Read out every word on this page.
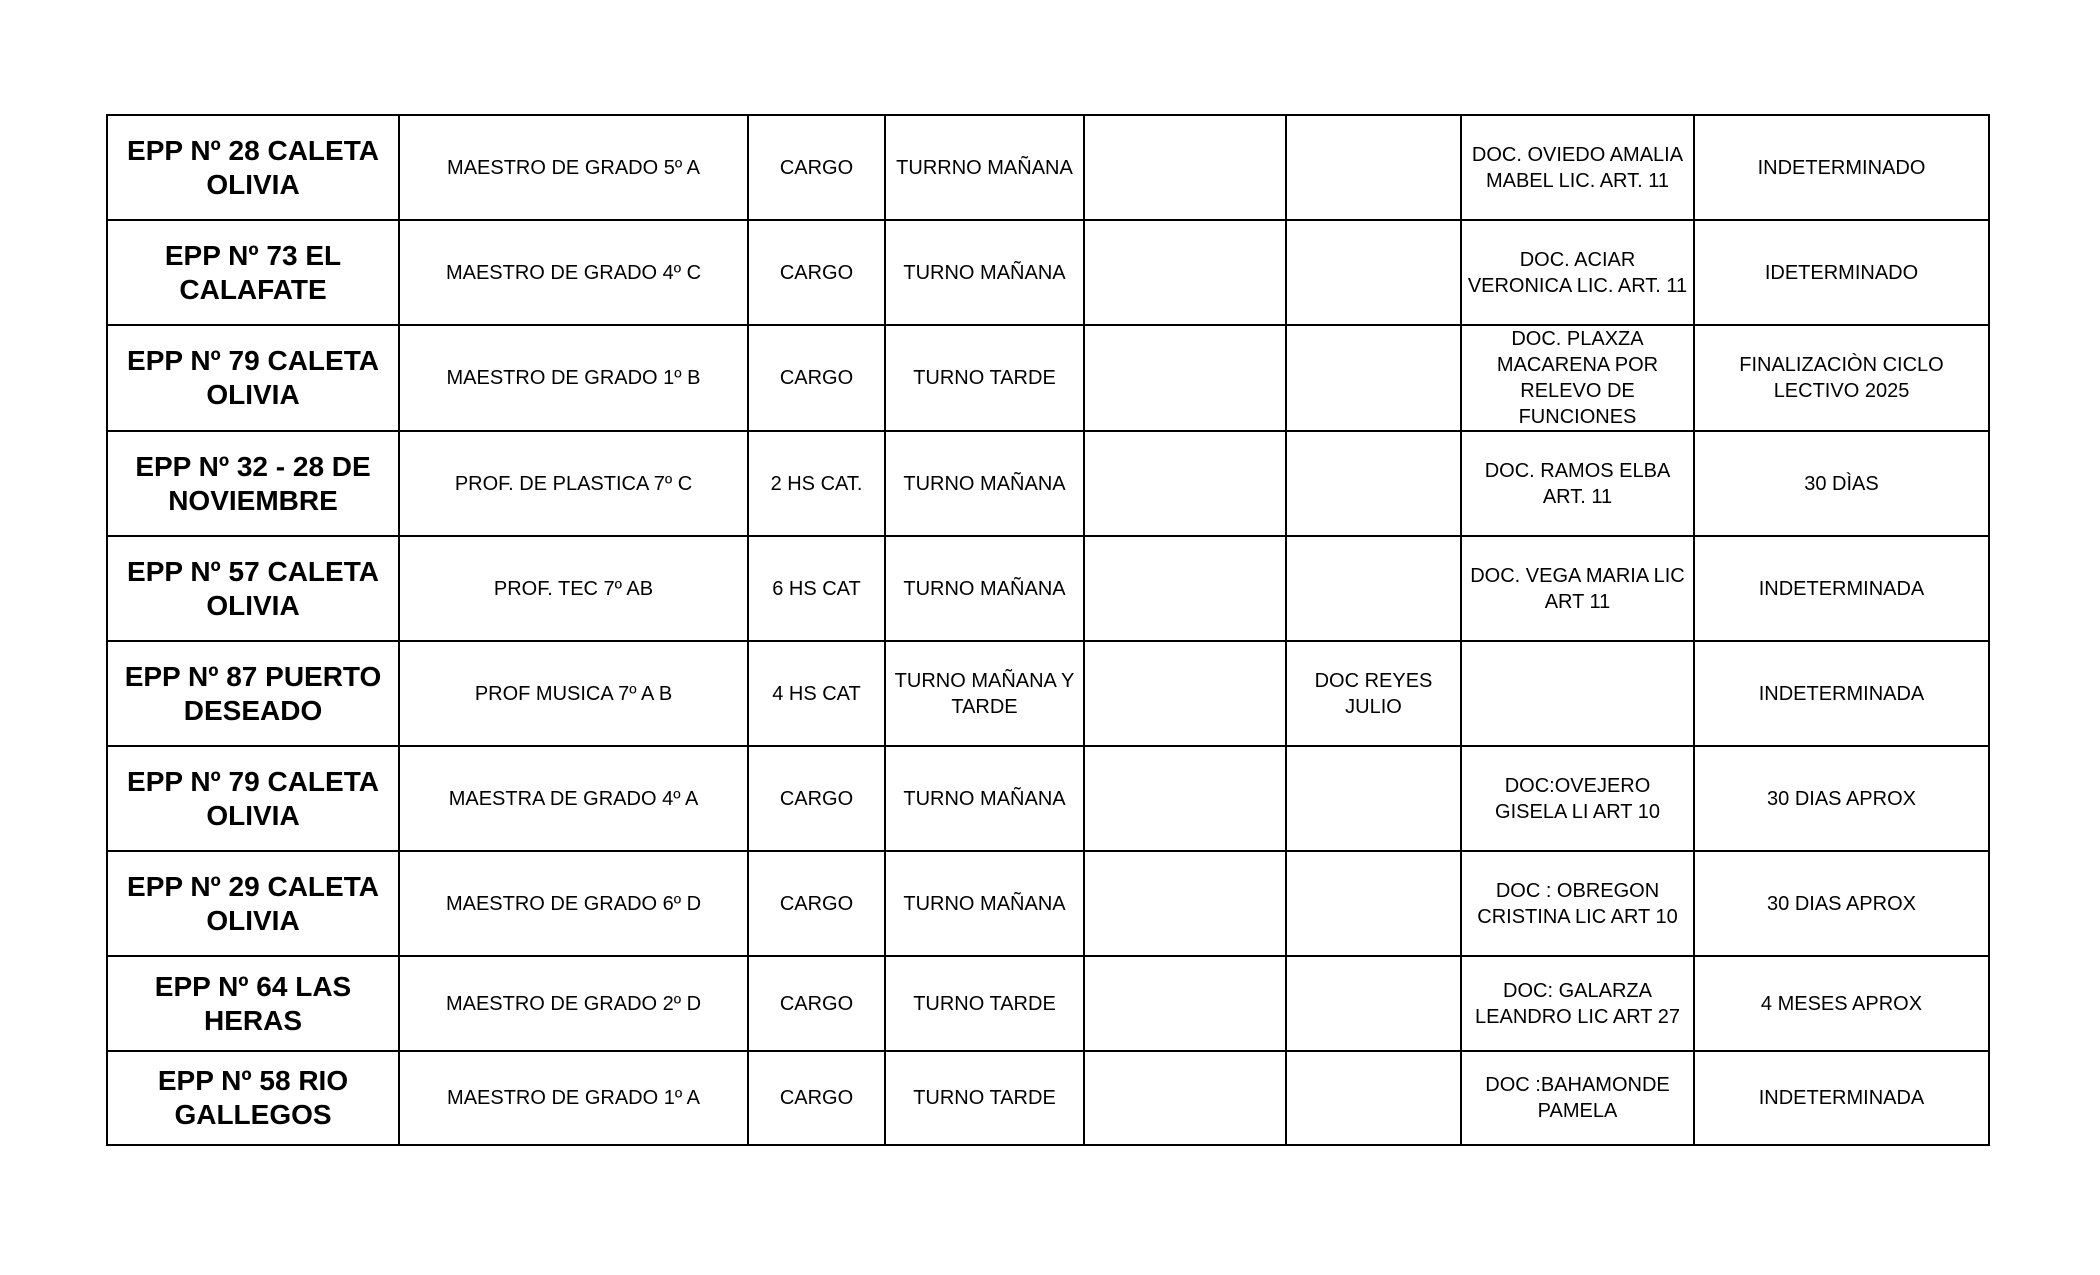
EPP Nº 28 CALETA OLIVIA	MAESTRO DE GRADO 5º A	CARGO	TURRNO MAÑANA			DOC. OVIEDO AMALIA MABEL LIC. ART. 11	INDETERMINADO
EPP Nº 73 EL CALAFATE	MAESTRO DE GRADO 4º C	CARGO	TURNO MAÑANA			DOC. ACIAR VERONICA LIC. ART. 11	IDETERMINADO
EPP Nº 79 CALETA OLIVIA	MAESTRO DE GRADO 1º B	CARGO	TURNO TARDE			DOC. PLAXZA MACARENA POR RELEVO DE FUNCIONES	FINALIZACIÒN CICLO LECTIVO 2025
EPP Nº 32 - 28 DE NOVIEMBRE	PROF. DE PLASTICA 7º C	2 HS CAT.	TURNO MAÑANA			DOC. RAMOS ELBA ART. 11	30 DÌAS
EPP Nº 57 CALETA OLIVIA	PROF. TEC 7º AB	6 HS CAT	TURNO MAÑANA			DOC. VEGA MARIA LIC ART 11	INDETERMINADA
EPP Nº 87 PUERTO DESEADO	PROF MUSICA 7º A B	4 HS CAT	TURNO MAÑANA Y TARDE		DOC REYES JULIO		INDETERMINADA
EPP Nº 79 CALETA OLIVIA	MAESTRA DE GRADO 4º A	CARGO	TURNO MAÑANA			DOC:OVEJERO GISELA LI ART 10	30 DIAS APROX
EPP Nº 29 CALETA OLIVIA	MAESTRO DE GRADO 6º D	CARGO	TURNO MAÑANA			DOC : OBREGON CRISTINA LIC ART 10	30 DIAS APROX
EPP Nº 64 LAS HERAS	MAESTRO DE GRADO 2º D	CARGO	TURNO TARDE			DOC: GALARZA LEANDRO LIC ART 27	4 MESES APROX
EPP Nº 58 RIO GALLEGOS	MAESTRO DE GRADO 1º A	CARGO	TURNO TARDE			DOC :BAHAMONDE PAMELA	INDETERMINADA
